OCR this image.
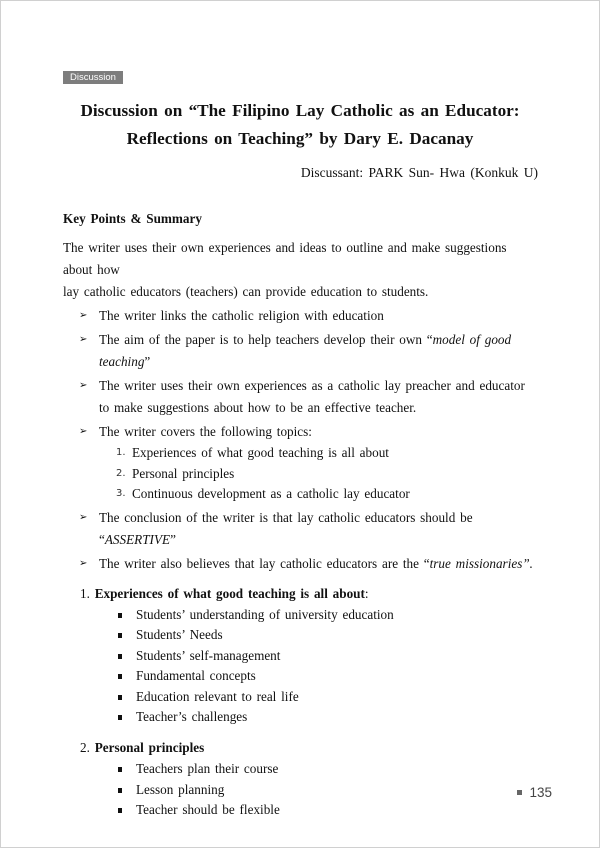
Discussion
Discussion on “The Filipino Lay Catholic as an Educator:
Reflections on Teaching” by Dary E. Dacanay
Discussant: PARK Sun- Hwa (Konkuk U)
Key Points & Summary
The writer uses their own experiences and ideas to outline and make suggestions about how
lay catholic educators (teachers) can provide education to students.
➢ The writer links the catholic religion with education
➢ The aim of the paper is to help teachers develop their own “model of good teaching”
➢ The writer uses their own experiences as a catholic lay preacher and educator to make suggestions about how to be an effective teacher.
➢ The writer covers the following topics:
1. Experiences of what good teaching is all about
2. Personal principles
3. Continuous development as a catholic lay educator
➢ The conclusion of the writer is that lay catholic educators should be “ASSERTIVE”
➢ The writer also believes that lay catholic educators are the “true missionaries”.
1. Experiences of what good teaching is all about:
Students’ understanding of university education
Students’ Needs
Students’ self-management
Fundamental concepts
Education relevant to real life
Teacher’s challenges
2. Personal principles
Teachers plan their course
Lesson planning
Teacher should be flexible
135
